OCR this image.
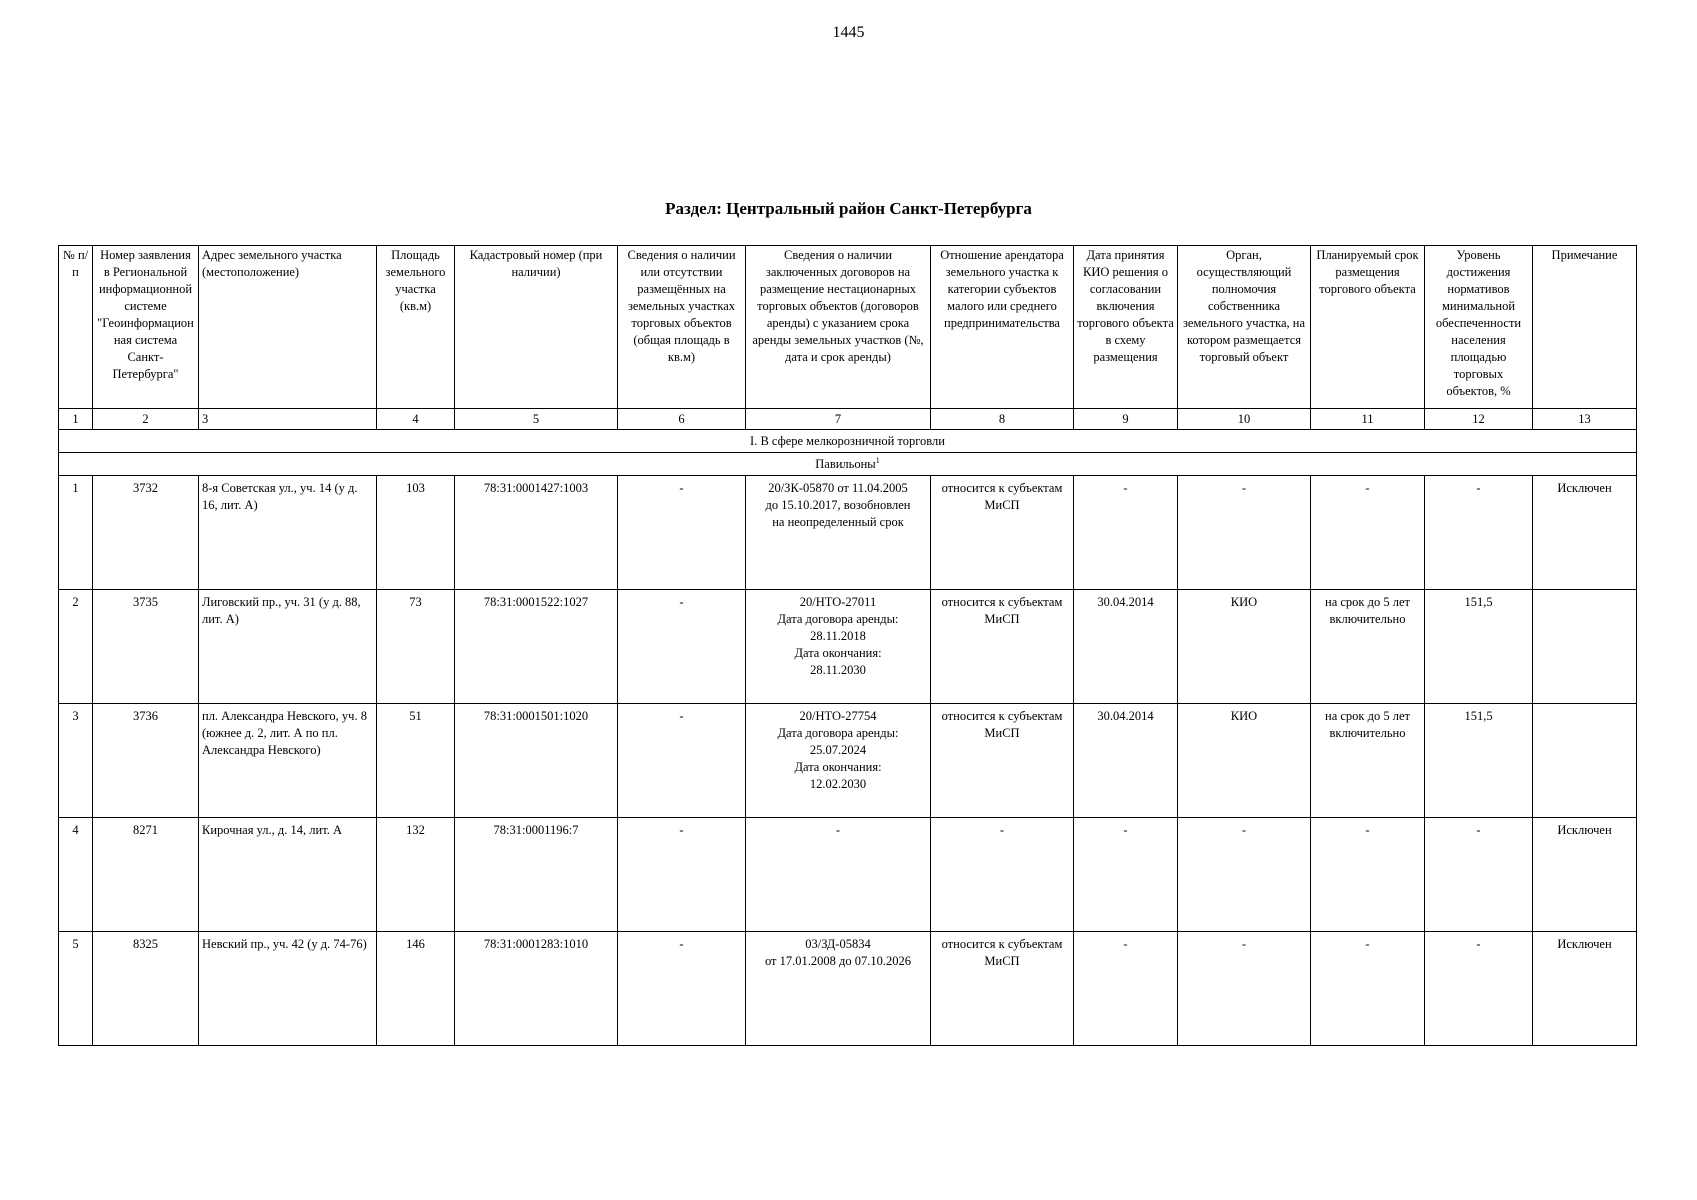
1445
Раздел: Центральный район Санкт-Петербурга
№ п/п	Номер заявления в Региональной информационной системе "Геоинформационная система Санкт-Петербурга"	Адрес земельного участка (местоположение)	Площадь земельного участка (кв.м)	Кадастровый номер (при наличии)	Сведения о наличии или отсутствии размещённых на земельных участках торговых объектов (общая площадь в кв.м)	Сведения о наличии заключенных договоров на размещение нестационарных торговых объектов (договоров аренды) с указанием срока аренды земельных участков (№, дата и срок аренды)	Отношение арендатора земельного участка к категории субъектов малого или среднего предпринимательства	Дата принятия КИО решения о согласовании включения торгового объекта в схему размещения	Орган, осуществляющий полномочия собственника земельного участка, на котором размещается торговый объект	Планируемый срок размещения торгового объекта	Уровень достижения нормативов минимальной обеспеченности населения площадью торговых объектов, %	Примечание
1	2	3	4	5	6	7	8	9	10	11	12	13
I. В сфере мелкорозничной торговли												
Павильоны$^1$
1	3732	8-я Советская ул., уч. 14 (у д. 16, лит. А)	103	78:31:0001427:1003	-	20/ЗК-05870 от 11.04.2005
до 15.10.2017, возобновлен
на неопределенный срок	относится к субъектам МиСП	-	-	-	-	Исключен
2	3735	Лиговский пр., уч. 31 (у д. 88, лит. А)	73	78:31:0001522:1027	-	20/НТО-27011
Дата договора аренды:
28.11.2018
Дата окончания:
28.11.2030	относится к субъектам МиСП	30.04.2014	КИО	на срок до 5 лет включительно	151,5	
3	3736	пл. Александра Невского, уч. 8 (южнее д. 2, лит. А по пл. Александра Невского)	51	78:31:0001501:1020	-	20/НТО-27754
Дата договора аренды:
25.07.2024
Дата окончания:
12.02.2030	относится к субъектам МиСП	30.04.2014	КИО	на срок до 5 лет включительно	151,5	
4	8271	Кирочная ул., д. 14, лит. А	132	78:31:0001196:7	-	-	-	-	-	-	-	Исключен
5	8325	Невский пр., уч. 42 (у д. 74-76)	146	78:31:0001283:1010	-	03/ЗД-05834
от 17.01.2008 до 07.10.2026	относится к субъектам МиСП	-	-	-	-	Исключен
